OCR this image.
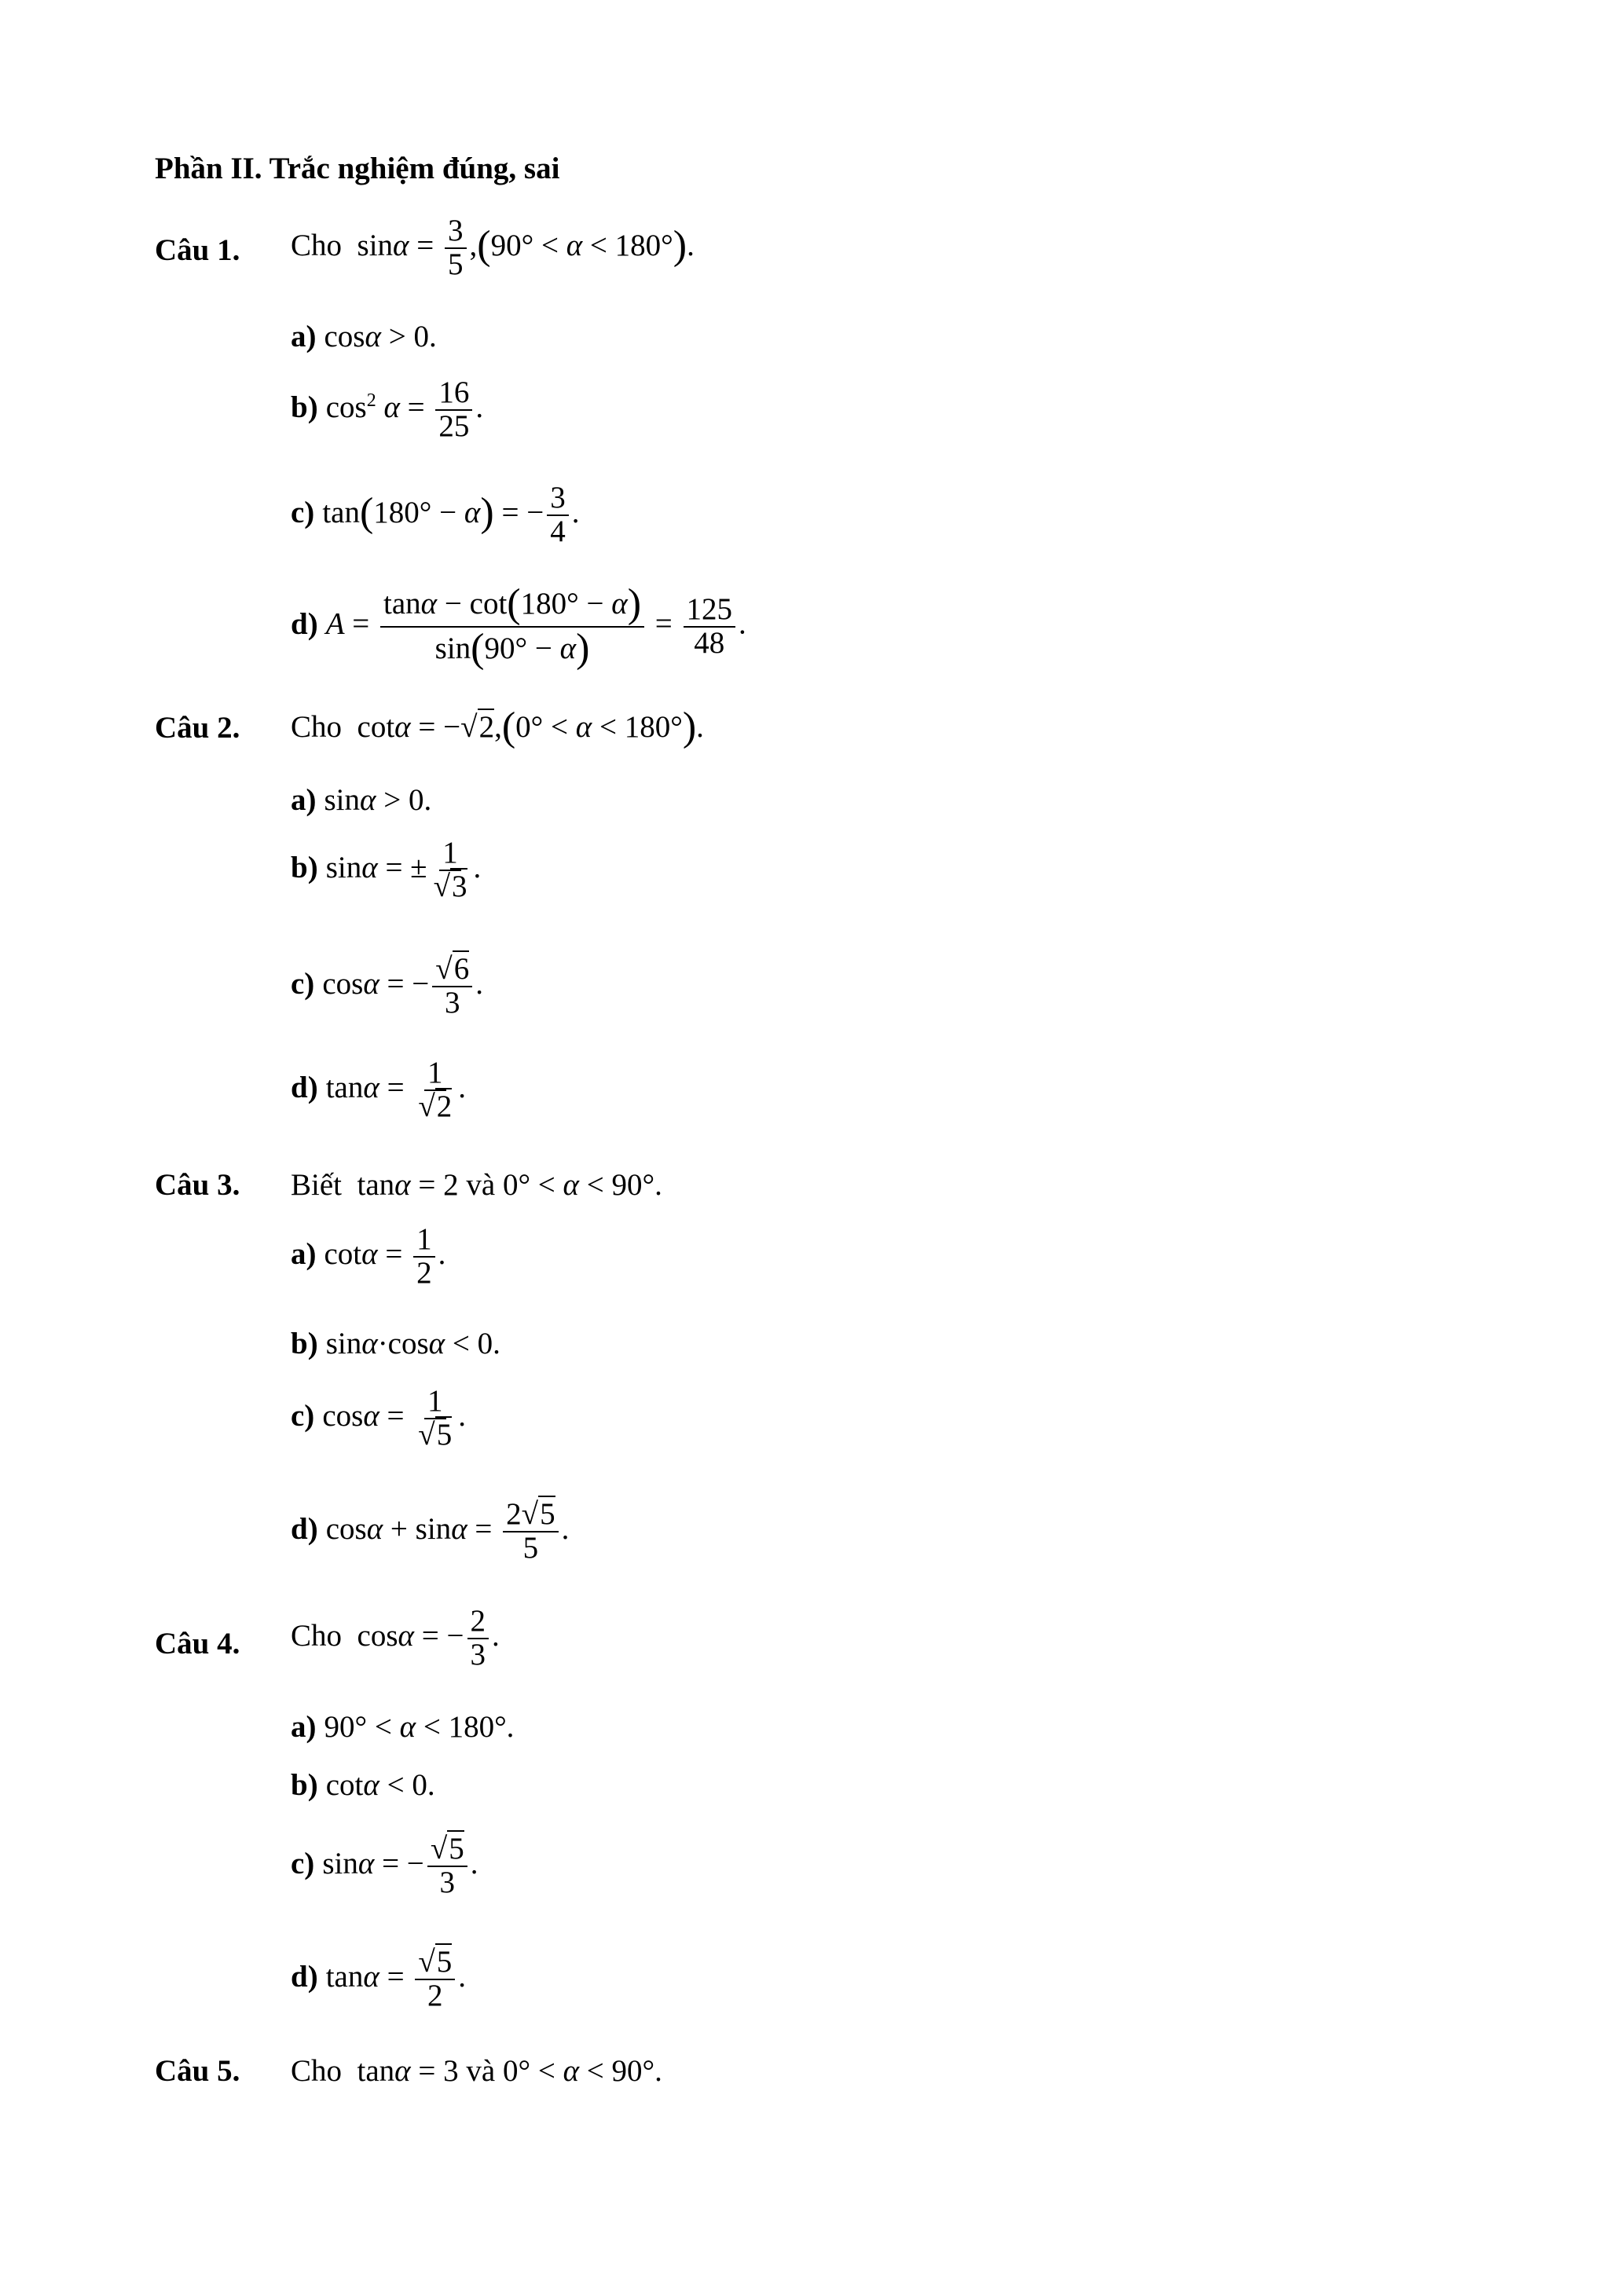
Phần II. Trắc nghiệm đúng, sai
Câu 1. Cho  $\sin\alpha = \frac{3}{5} ,(90^\circ < \alpha < 180^\circ)$.
a) cosα > 0.
b) $\cos^2 \alpha = \frac{16}{25}$ .
c) tan(180° − α) = − $\frac{3}{4}$ .
d) $A = \frac{\tan\alpha - \cot(180^\circ - \alpha)}{\sin(90^\circ - \alpha)} = \frac{125}{48}$ .
Câu 2. Cho  cotα = −√2,(0° < α < 180°).
a) sinα > 0.
b) sinα = ± $\frac{1}{√3}$ .
c) cosα = − $\frac{√6}{3}$ .
d) $\tan\alpha = \frac{1}{√2}$ .
Câu 3. Biết  tanα = 2 và 0° < α < 90°.
a) $\cot\alpha = \frac{1}{2}$ .
b) sinα·cosα < 0.
c) $\cos\alpha = \frac{1}{√5}$ .
d) $\cos\alpha + \sin\alpha = \frac{2√5}{5}$ .
Câu 4. Cho  cosα = − $\frac{2}{3}$ .
a) 90° < α < 180°.
b) cotα < 0.
c) sinα = − $\frac{√5}{3}$ .
d) $\tan\alpha = \frac{√5}{2}$ .
Câu 5. Cho  tanα = 3 và 0° < α < 90°.
